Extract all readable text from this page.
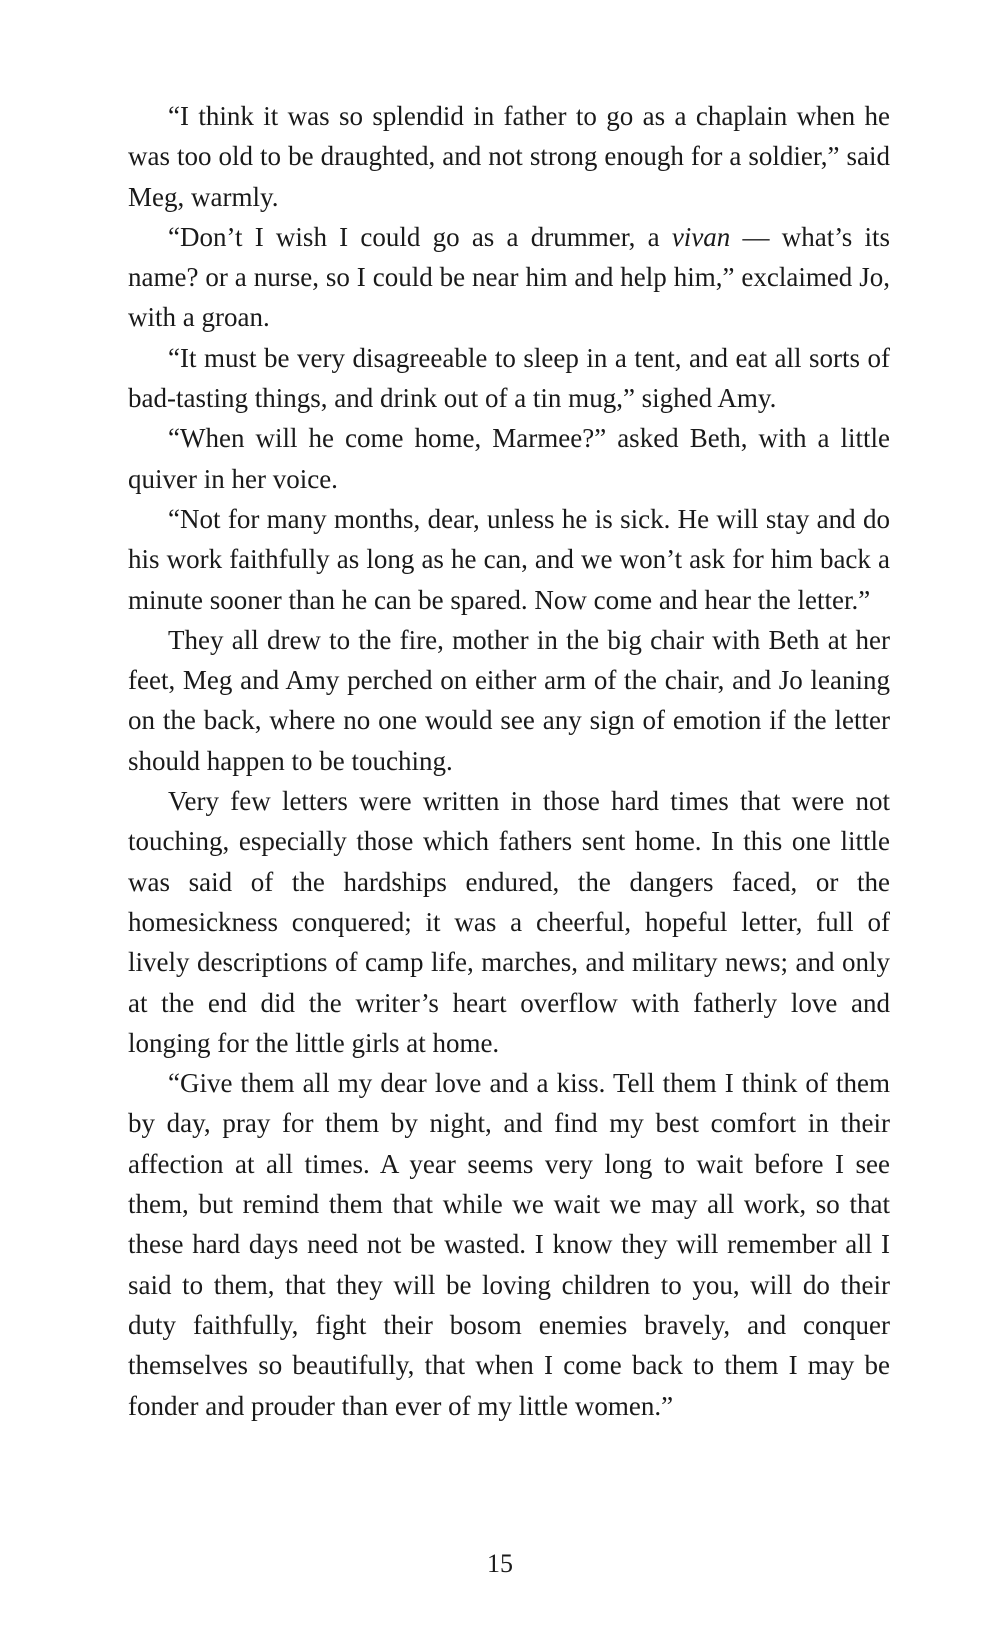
“I think it was so splendid in father to go as a chaplain when he was too old to be draughted, and not strong enough for a soldier,” said Meg, warmly.

“Don’t I wish I could go as a drummer, a vivan — what’s its name? or a nurse, so I could be near him and help him,” exclaimed Jo, with a groan.

“It must be very disagreeable to sleep in a tent, and eat all sorts of bad-tasting things, and drink out of a tin mug,” sighed Amy.

“When will he come home, Marmee?” asked Beth, with a little quiver in her voice.

“Not for many months, dear, unless he is sick. He will stay and do his work faithfully as long as he can, and we won’t ask for him back a minute sooner than he can be spared. Now come and hear the letter.”

They all drew to the fire, mother in the big chair with Beth at her feet, Meg and Amy perched on either arm of the chair, and Jo leaning on the back, where no one would see any sign of emotion if the letter should happen to be touching.

Very few letters were written in those hard times that were not touching, especially those which fathers sent home. In this one little was said of the hardships endured, the dangers faced, or the homesickness conquered; it was a cheerful, hopeful letter, full of lively descriptions of camp life, marches, and military news; and only at the end did the writer’s heart overflow with fatherly love and longing for the little girls at home.

“Give them all my dear love and a kiss. Tell them I think of them by day, pray for them by night, and find my best comfort in their affection at all times. A year seems very long to wait before I see them, but remind them that while we wait we may all work, so that these hard days need not be wasted. I know they will remember all I said to them, that they will be loving children to you, will do their duty faithfully, fight their bosom enemies bravely, and conquer themselves so beautifully, that when I come back to them I may be fonder and prouder than ever of my little women.”

15
